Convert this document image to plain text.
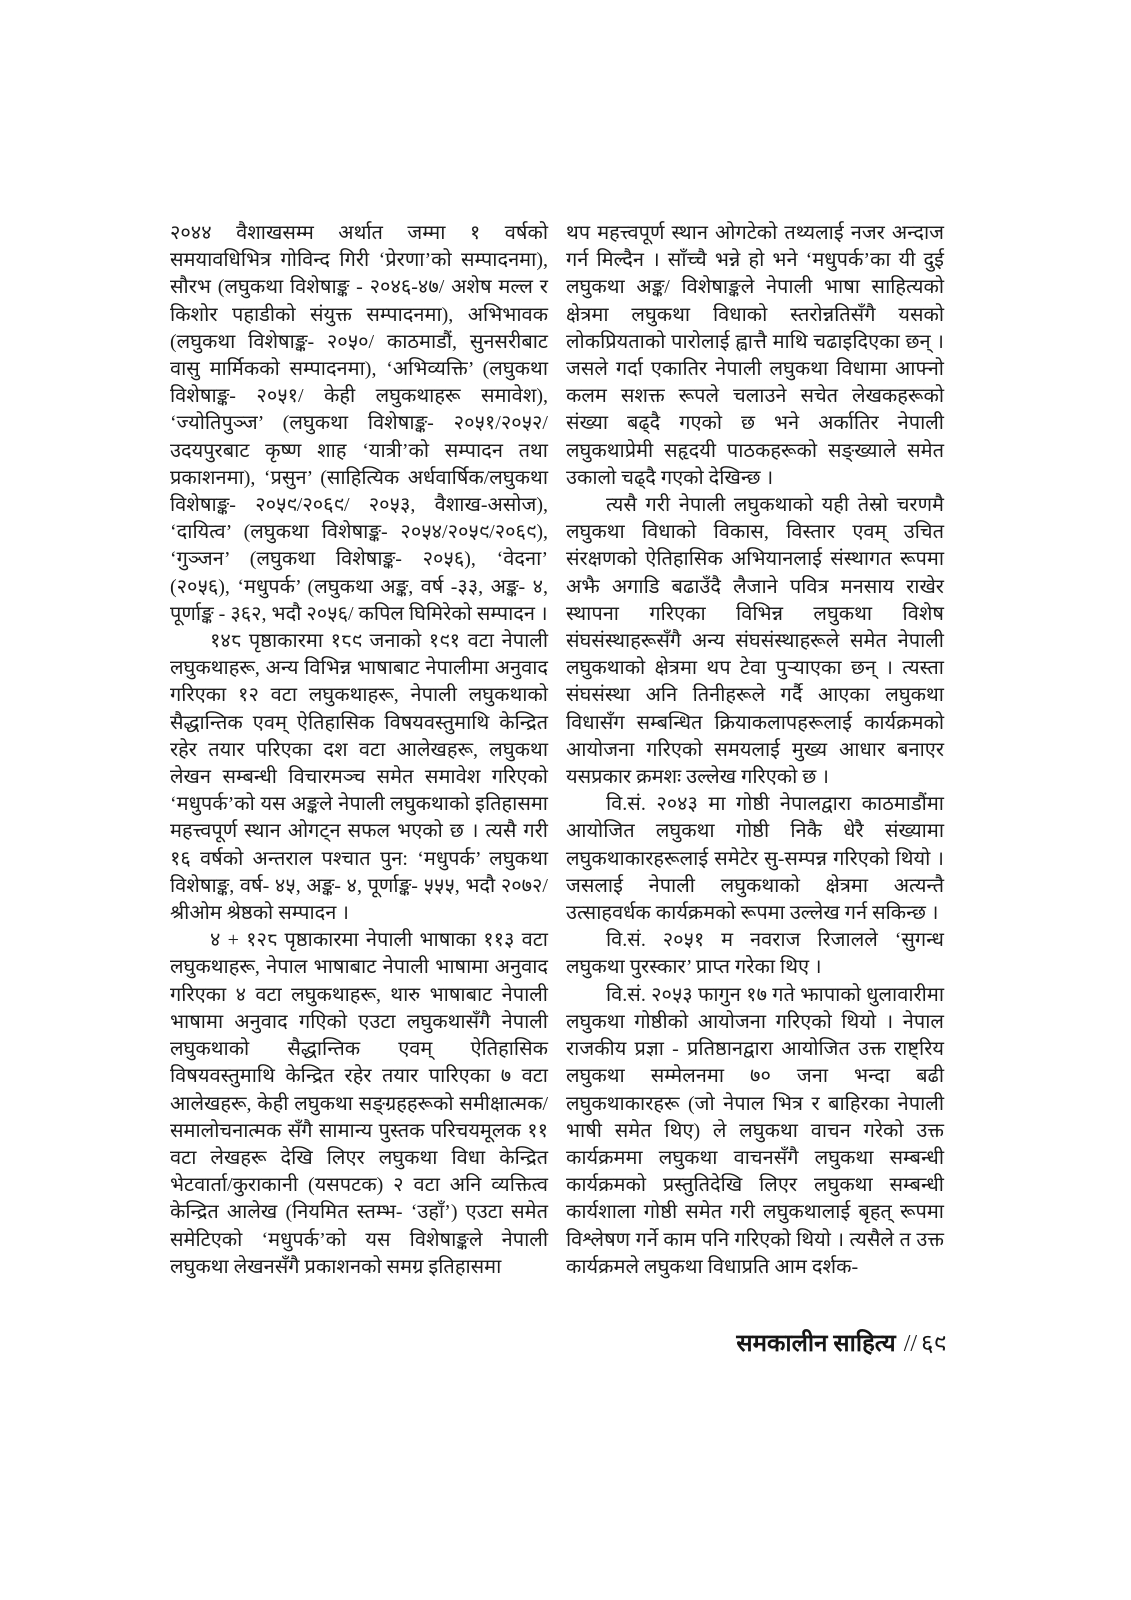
२०४४ वैशाखसम्म अर्थात जम्मा १ वर्षको समयावधिभित्र गोविन्द गिरी ‘प्रेरणा’को सम्पादनमा), सौरभ (लघुकथा विशेषाङ्क - २०४६-४७/ अशेष मल्ल र किशोर पहाडीको संयुक्त सम्पादनमा), अभिभावक (लघुकथा विशेषाङ्क- २०५०/ काठमाडौं, सुनसरीबाट वासु मार्मिकको सम्पादनमा), ‘अभिव्यक्ति’ (लघुकथा विशेषाङ्क- २०५१/ केही लघुकथाहरू समावेश), ‘ज्योतिपुञ्ज’ (लघुकथा विशेषाङ्क- २०५१/२०५२/उदयपुरबाट कृष्ण शाह ‘यात्री’को सम्पादन तथा प्रकाशनमा), ‘प्रसुन’ (साहित्यिक अर्धवार्षिक/लघुकथा विशेषाङ्क- २०५९/२०६९/ २०५३, वैशाख-असोज), ‘दायित्व’ (लघुकथा विशेषाङ्क- २०५४/२०५९/२०६९), ‘गुञ्जन’ (लघुकथा विशेषाङ्क- २०५६), ‘वेदना’ (२०५६), ‘मधुपर्क’ (लघुकथा अङ्क, वर्ष -३३, अङ्क- ४, पूर्णाङ्क - ३६२, भदौ २०५६/ कपिल घिमिरेको सम्पादन ।

१४८ पृष्ठाकारमा १८९ जनाको १९१ वटा नेपाली लघुकथाहरू, अन्य विभिन्न भाषाबाट नेपालीमा अनुवाद गरिएका १२ वटा लघुकथाहरू, नेपाली लघुकथाको सैद्धान्तिक एवम् ऐतिहासिक विषयवस्तुमाथि केन्द्रित रहेर तयार परिएका दश वटा आलेखहरू, लघुकथा लेखन सम्बन्धी विचारमञ्च समेत समावेश गरिएको ‘मधुपर्क’को यस अङ्कले नेपाली लघुकथाको इतिहासमा महत्त्वपूर्ण स्थान ओगट्न सफल भएको छ । त्यसै गरी १६ वर्षको अन्तराल पश्चात पुन: ‘मधुपर्क’ लघुकथा विशेषाङ्क, वर्ष- ४५, अङ्क- ४, पूर्णाङ्क- ५५५, भदौ २०७२/श्रीओम श्रेष्ठको सम्पादन ।

४ + १२८ पृष्ठाकारमा नेपाली भाषाका ११३ वटा लघुकथाहरू, नेपाल भाषाबाट नेपाली भाषामा अनुवाद गरिएका ४ वटा लघुकथाहरू, थारु भाषाबाट नेपाली भाषामा अनुवाद गएिको एउटा लघुकथासँगै नेपाली लघुकथाको सैद्धान्तिक एवम् ऐतिहासिक विषयवस्तुमाथि केन्द्रित रहेर तयार पारिएका ७ वटा आलेखहरू, केही लघुकथा सङ्ग्रहहरूको समीक्षात्मक/समालोचनात्मक सँगै सामान्य पुस्तक परिचयमूलक ११ वटा लेखहरू देखि लिएर लघुकथा विधा केन्द्रित भेटवार्ता/कुराकानी (यसपटक) २ वटा अनि व्यक्तित्व केन्द्रित आलेख (नियमित स्तम्भ- ‘उहाँ’) एउटा समेत समेटिएको ‘मधुपर्क’को यस विशेषाङ्कले नेपाली लघुकथा लेखनसँगै प्रकाशनको समग्र इतिहासमा

थप महत्त्वपूर्ण स्थान ओगटेको तथ्यलाई नजर अन्दाज गर्न मिल्दैन । साँच्चै भन्ने हो भने ‘मधुपर्क’का यी दुई लघुकथा अङ्क/ विशेषाङ्कले नेपाली भाषा साहित्यको क्षेत्रमा लघुकथा विधाको स्तरोन्नतिसँगै यसको लोकप्रियताको पारोलाई ह्वात्तै माथि चढाइदिएका छन् । जसले गर्दा एकातिर नेपाली लघुकथा विधामा आफ्नो कलम सशक्त रूपले चलाउने सचेत लेखकहरूको संख्या बढ्दै गएको छ भने अर्कातिर नेपाली लघुकथाप्रेमी सहृदयी पाठकहरूको सङ्ख्याले समेत उकालो चढ्दै गएको देखिन्छ ।

त्यसै गरी नेपाली लघुकथाको यही तेस्रो चरणमै लघुकथा विधाको विकास, विस्तार एवम् उचित संरक्षणको ऐतिहासिक अभियानलाई संस्थागत रूपमा अझै अगाडि बढाउँदै लैजाने पवित्र मनसाय राखेर स्थापना गरिएका विभिन्न लघुकथा विशेष संघसंस्थाहरूसँगै अन्य संघसंस्थाहरूले समेत नेपाली लघुकथाको क्षेत्रमा थप टेवा पुर्‍याएका छन् । त्यस्ता संघसंस्था अनि तिनीहरूले गर्दै आएका लघुकथा विधासँग सम्बन्धित क्रियाकलापहरूलाई कार्यक्रमको आयोजना गरिएको समयलाई मुख्य आधार बनाएर यसप्रकार क्रमशः उल्लेख गरिएको छ ।

वि.सं. २०४३ मा गोष्ठी नेपालद्वारा काठमाडौंमा आयोजित लघुकथा गोष्ठी निकै धेरै संख्यामा लघुकथाकारहरूलाई समेटेर सु-सम्पन्न गरिएको थियो । जसलाई नेपाली लघुकथाको क्षेत्रमा अत्यन्तै उत्साहवर्धक कार्यक्रमको रूपमा उल्लेख गर्न सकिन्छ ।

वि.सं. २०५१ म नवराज रिजालले ‘सुगन्ध लघुकथा पुरस्कार’ प्राप्त गरेका थिए ।

वि.सं. २०५३ फागुन १७ गते झापाको धुलावारीमा लघुकथा गोष्ठीको आयोजना गरिएको थियो । नेपाल राजकीय प्रज्ञा - प्रतिष्ठानद्वारा आयोजित उक्त राष्ट्रिय लघुकथा सम्मेलनमा ७० जना भन्दा बढी लघुकथाकारहरू (जो नेपाल भित्र र बाहिरका नेपाली भाषी समेत थिए) ले लघुकथा वाचन गरेको उक्त कार्यक्रममा लघुकथा वाचनसँगै लघुकथा सम्बन्धी कार्यक्रमको प्रस्तुतिदेखि लिएर लघुकथा सम्बन्धी कार्यशाला गोष्ठी समेत गरी लघुकथालाई बृहत् रूपमा विश्लेषण गर्ने काम पनि गरिएको थियो । त्यसैले त उक्त कार्यक्रमले लघुकथा विधाप्रति आम दर्शक-

समकालीन साहित्य // ६९
